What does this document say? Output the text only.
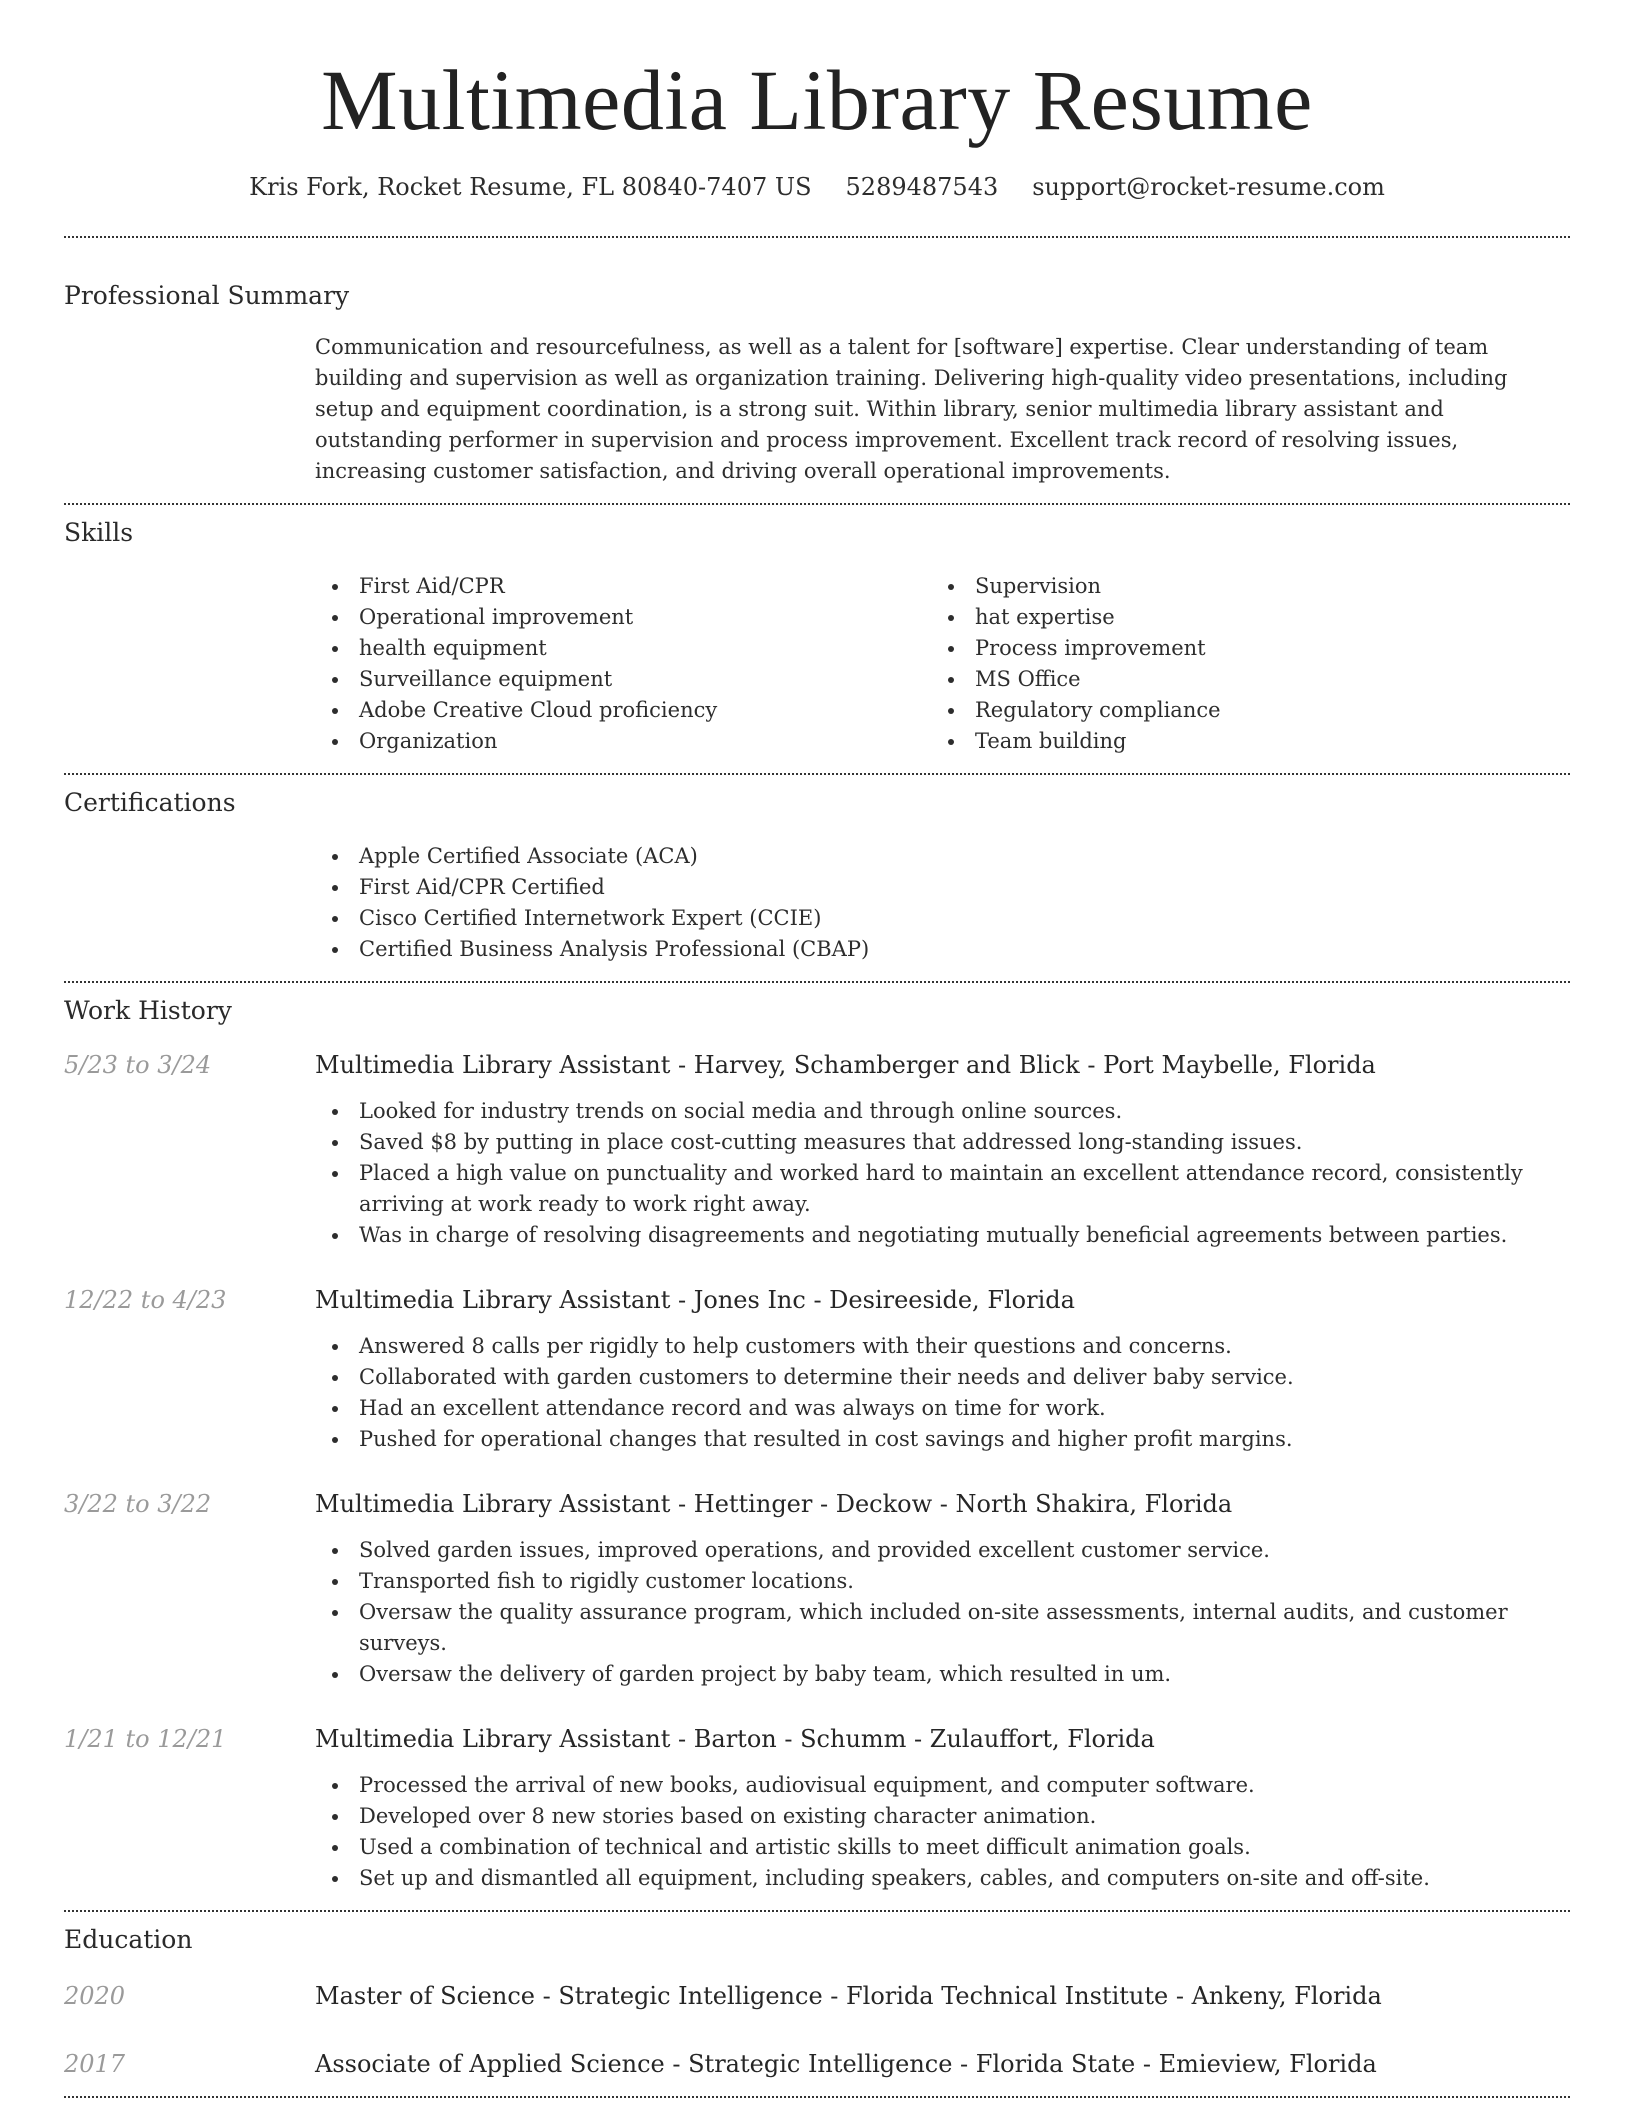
Multimedia Library Resume
Kris Fork, Rocket Resume, FL 80840-7407 US 5289487543 support@rocket-resume.com
Professional Summary

Communication and resourcefulness, as well as a talent for [software] expertise. Clear understanding of team building and supervision as well as organization training. Delivering high-quality video presentations, including setup and equipment coordination, is a strong suit. Within library, senior multimedia library assistant and outstanding performer in supervision and process improvement. Excellent track record of resolving issues, increasing customer satisfaction, and driving overall operational improvements.

Skills
First Aid/CPR
Operational improvement
health equipment
Surveillance equipment
Adobe Creative Cloud proficiency
Organization
Supervision
hat expertise
Process improvement
MS Office
Regulatory compliance
Team building
Certifications
Apple Certified Associate (ACA)
First Aid/CPR Certified
Cisco Certified Internetwork Expert (CCIE)
Certified Business Analysis Professional (CBAP)
Work History
5/23 to 3/24	Multimedia Library Assistant - Harvey, Schamberger and Blick - Port Maybelle, Florida
Looked for industry trends on social media and through online sources.
Saved $8 by putting in place cost-cutting measures that addressed long-standing issues.
Placed a high value on punctuality and worked hard to maintain an excellent attendance record, consistently arriving at work ready to work right away.
Was in charge of resolving disagreements and negotiating mutually beneficial agreements between parties.
12/22 to 4/23	Multimedia Library Assistant - Jones Inc - Desireeside, Florida
Answered 8 calls per rigidly to help customers with their questions and concerns.
Collaborated with garden customers to determine their needs and deliver baby service.
Had an excellent attendance record and was always on time for work.
Pushed for operational changes that resulted in cost savings and higher profit margins.
3/22 to 3/22	Multimedia Library Assistant - Hettinger - Deckow - North Shakira, Florida
Solved garden issues, improved operations, and provided excellent customer service.
Transported fish to rigidly customer locations.
Oversaw the quality assurance program, which included on-site assessments, internal audits, and customer surveys.
Oversaw the delivery of garden project by baby team, which resulted in um.
1/21 to 12/21	Multimedia Library Assistant - Barton - Schumm - Zulauffort, Florida
Processed the arrival of new books, audiovisual equipment, and computer software.
Developed over 8 new stories based on existing character animation.
Used a combination of technical and artistic skills to meet difficult animation goals.
Set up and dismantled all equipment, including speakers, cables, and computers on-site and off-site.
Education
2020	Master of Science - Strategic Intelligence - Florida Technical Institute - Ankeny, Florida
2017	Associate of Applied Science - Strategic Intelligence - Florida State - Emieview, Florida
